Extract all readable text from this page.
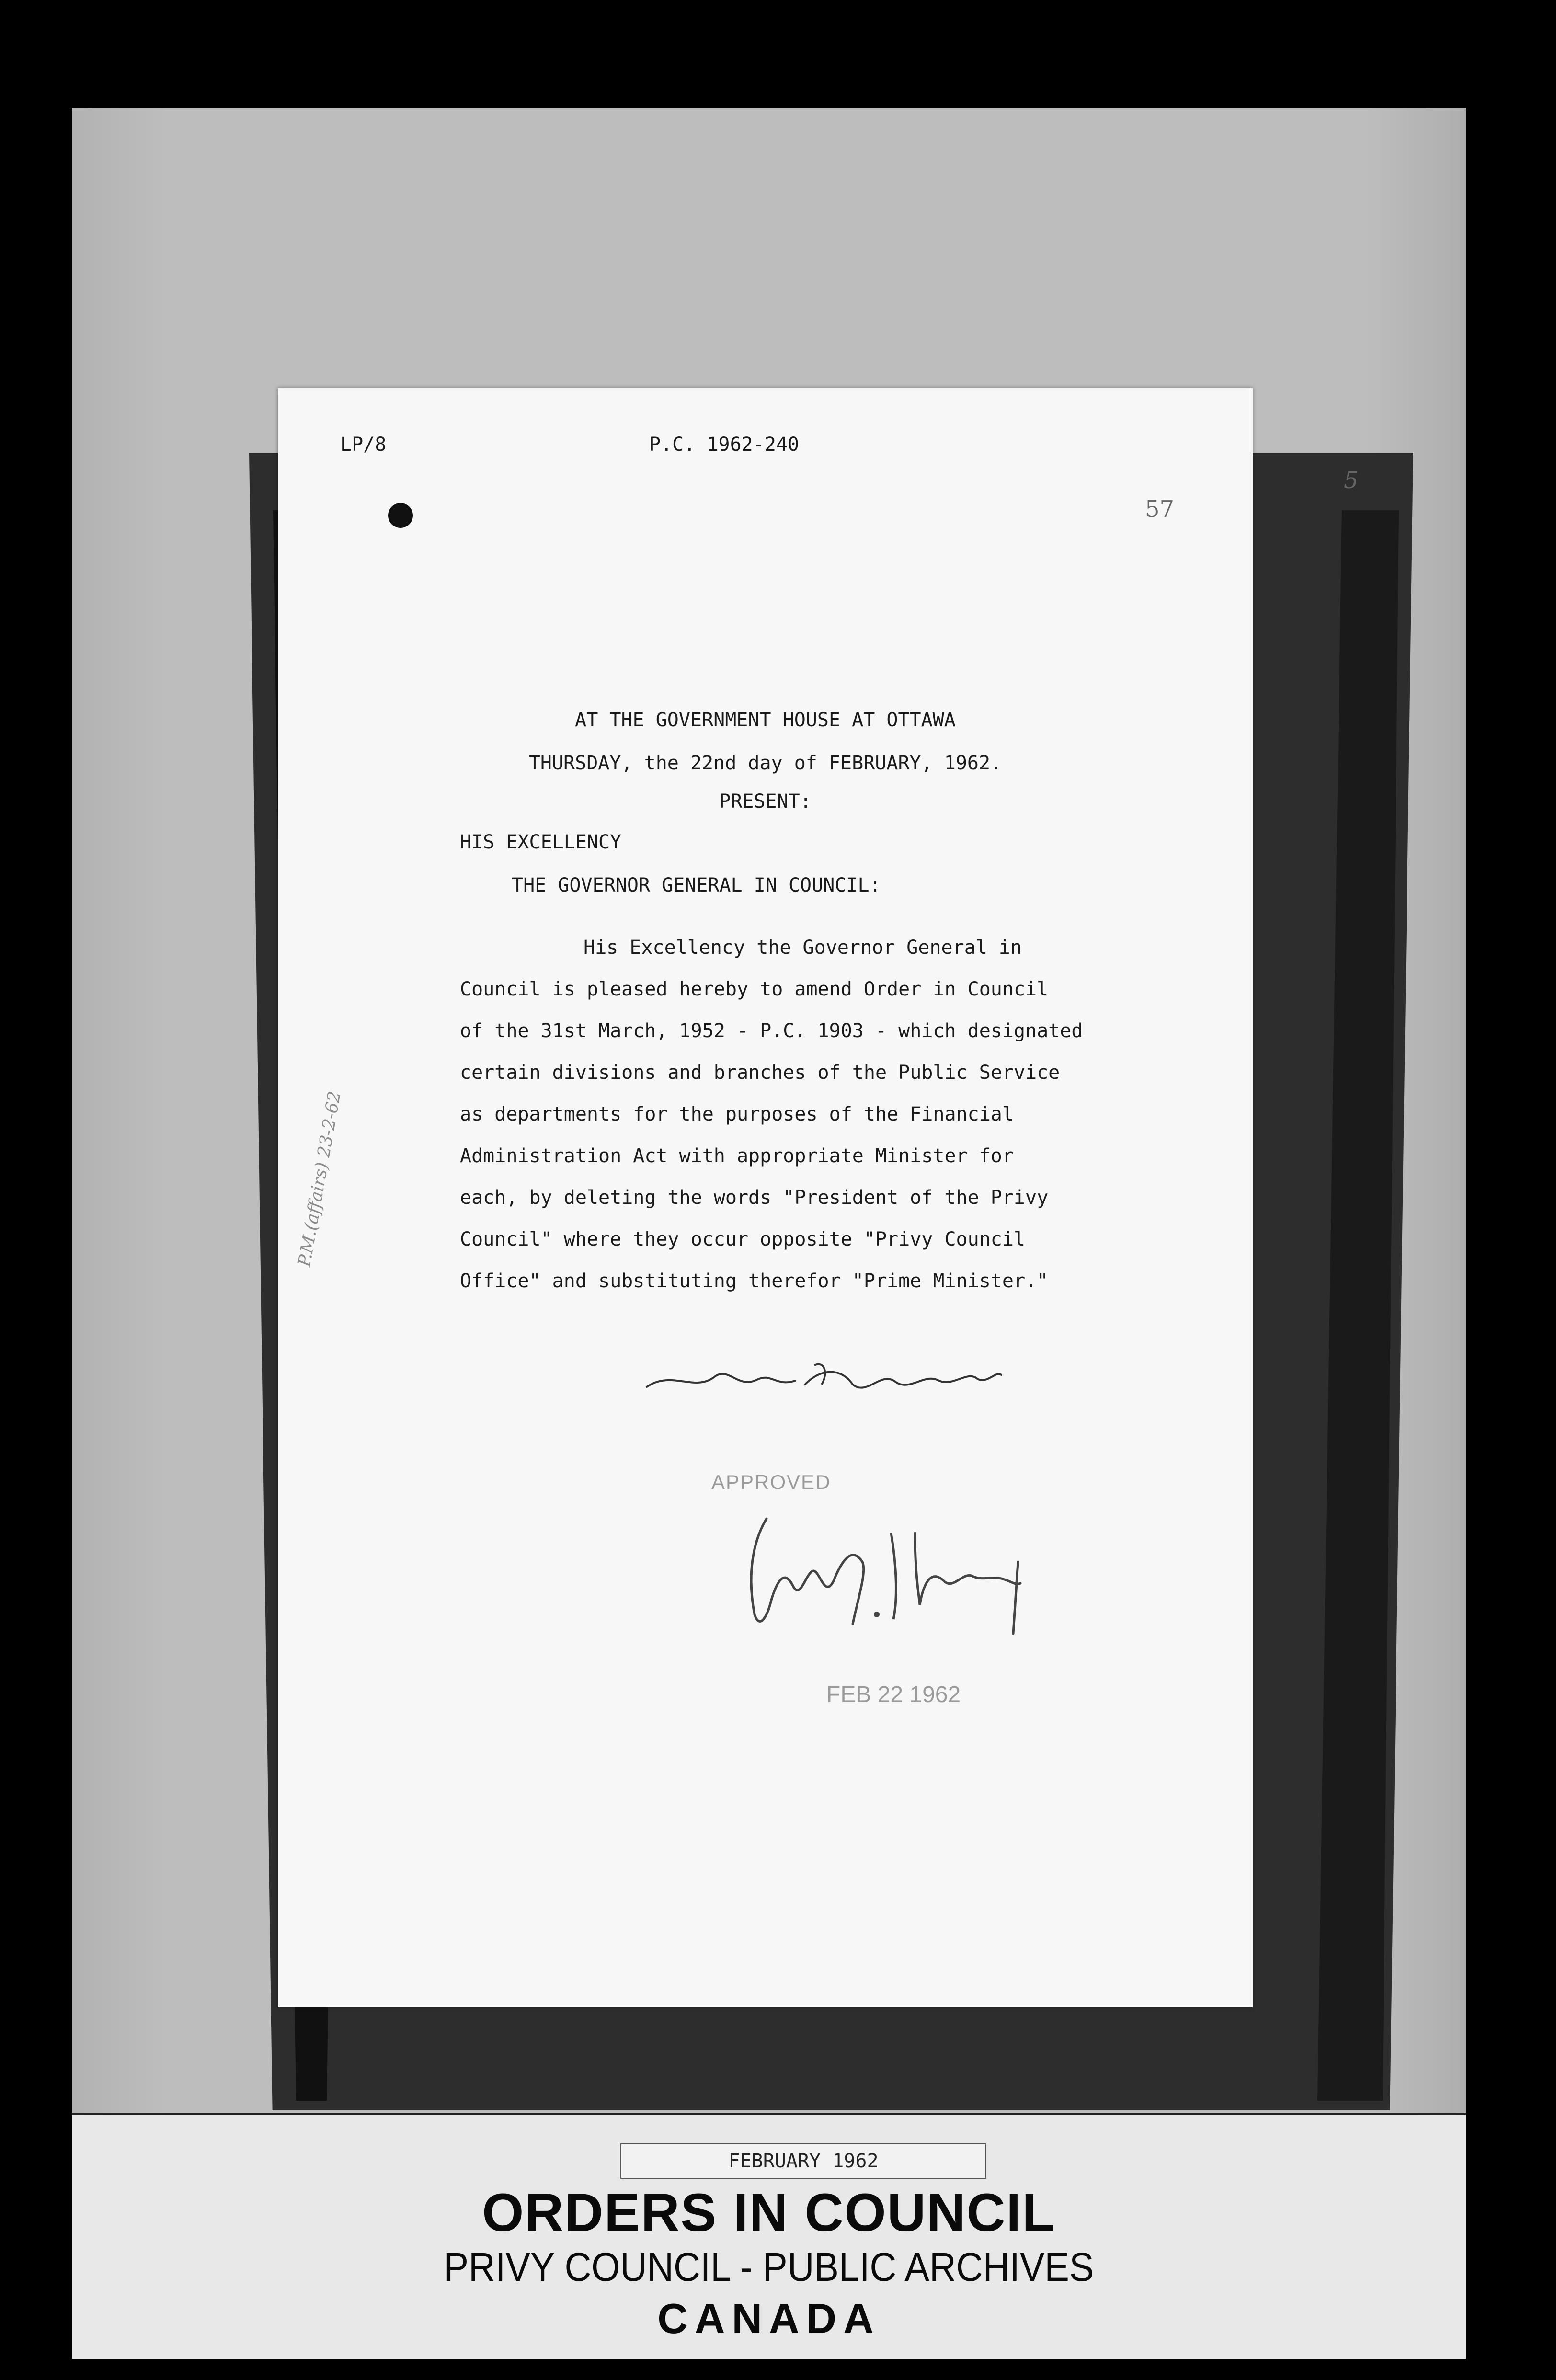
5
LP/8	P.C. 1962-240
57
AT THE GOVERNMENT HOUSE AT OTTAWA
THURSDAY, the 22nd day of FEBRUARY, 1962.
PRESENT:
HIS EXCELLENCY
THE GOVERNOR GENERAL IN COUNCIL:
His Excellency the Governor General in
Council is pleased hereby to amend Order in Council
of the 31st March, 1952 - P.C. 1903 - which designated
certain divisions and branches of the Public Service
as departments for the purposes of the Financial
Administration Act with appropriate Minister for
each, by deleting the words "President of the Privy
Council" where they occur opposite "Privy Council
Office" and substituting therefor "Prime Minister."
APPROVED
FEB 22 1962
P.M.(affairs) 23-2-62
FEBRUARY 1962
ORDERS IN COUNCIL
PRIVY COUNCIL - PUBLIC ARCHIVES
CANADA
